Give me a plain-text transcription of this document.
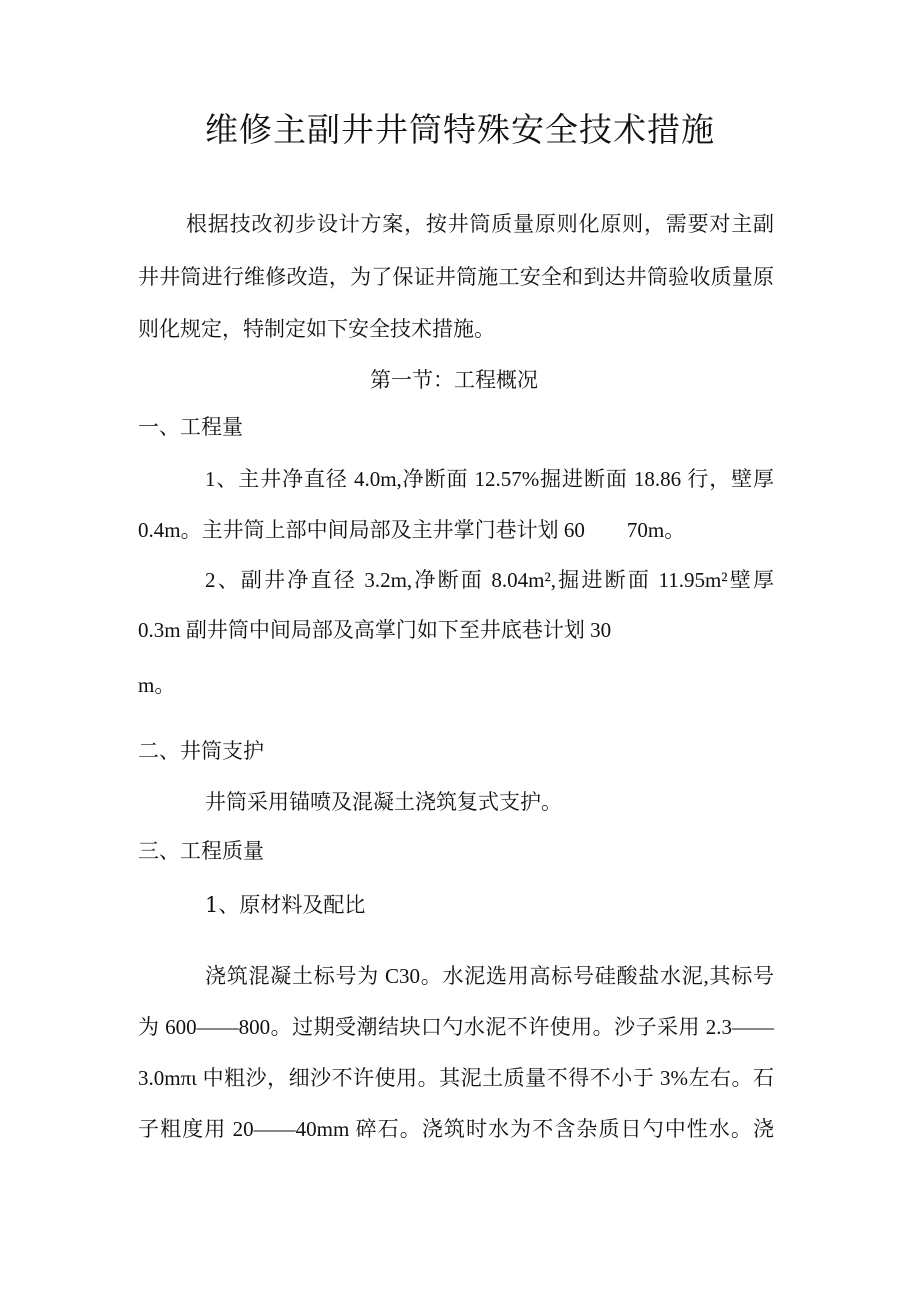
维修主副井井筒特殊安全技术措施
根据技改初步设计方案，按井筒质量原则化原则，需要对主副
井井筒进行维修改造，为了保证井筒施工安全和到达井筒验收质量原
则化规定，特制定如下安全技术措施。
第一节：工程概况
一、工程量
1、主井净直径 4.0m,净断面 12.57%掘进断面 18.86 行，壁厚
0.4m。主井筒上部中间局部及主井掌门巷计划 60　　70m。
2、副井净直径 3.2m,净断面 8.04m²,掘进断面 11.95m²壁厚
0.3m 副井筒中间局部及高掌门如下至井底巷计划 30
m。
二、井筒支护
井筒采用锚喷及混凝土浇筑复式支护。
三、工程质量
1、原材料及配比
浇筑混凝土标号为 C30。水泥选用高标号硅酸盐水泥,其标号
为 600——800。过期受潮结块口勺水泥不许使用。沙子采用 2.3——
3.0mπι 中粗沙，细沙不许使用。其泥土质量不得不小于 3%左右。石
子粗度用 20——40mm 碎石。浇筑时水为不含杂质日勺中性水。浇
